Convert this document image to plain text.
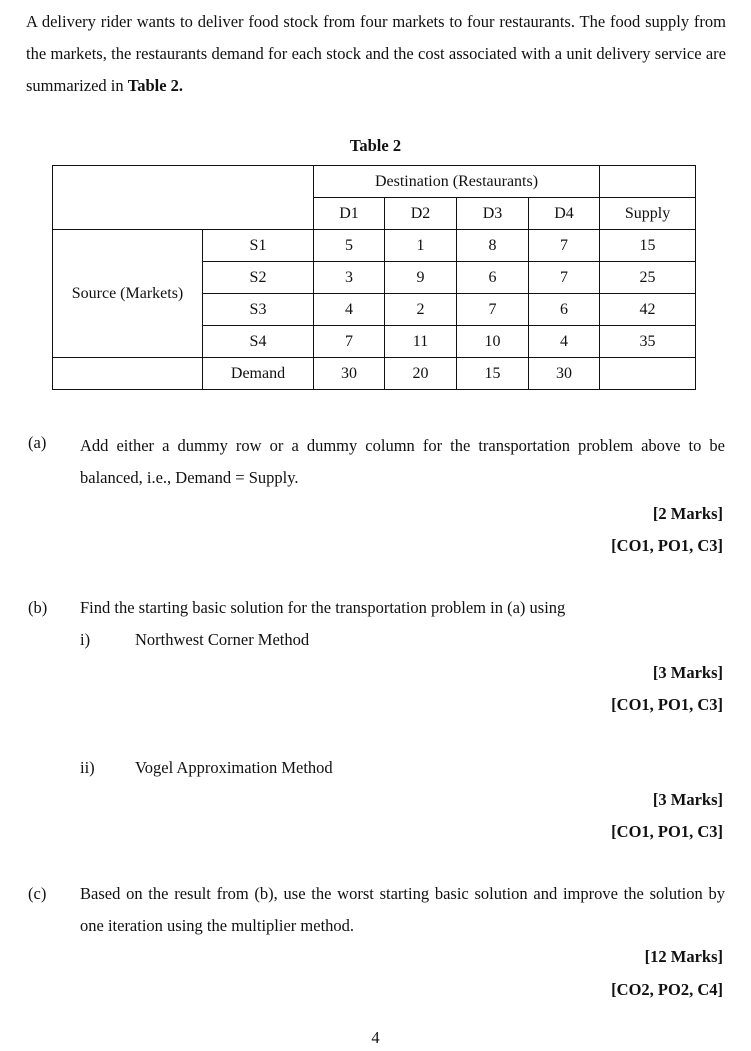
A delivery rider wants to deliver food stock from four markets to four restaurants. The food supply from the markets, the restaurants demand for each stock and the cost associated with a unit delivery service are summarized in Table 2.

Table 2
		Destination (Restaurants)				
		D1	D2	D3	D4	Supply
Source (Markets)	S1	5	1	8	7	15
	S2	3	9	6	7	25
	S3	4	2	7	6	42
	S4	7	11	10	4	35
	Demand	30	20	15	30	
(a) Add either a dummy row or a dummy column for the transportation problem above to be balanced, i.e., Demand = Supply.

[2 Marks]
[CO1, PO1, C3]
(b) Find the starting basic solution for the transportation problem in (a) using
i)	Northwest Corner Method
[3 Marks]
[CO1, PO1, C3]
ii) Vogel Approximation Method
[3 Marks]
[CO1, PO1, C3]
(c) Based on the result from (b), use the worst starting basic solution and improve the solution by one iteration using the multiplier method.

[12 Marks]
[CO2, PO2, C4]
4
